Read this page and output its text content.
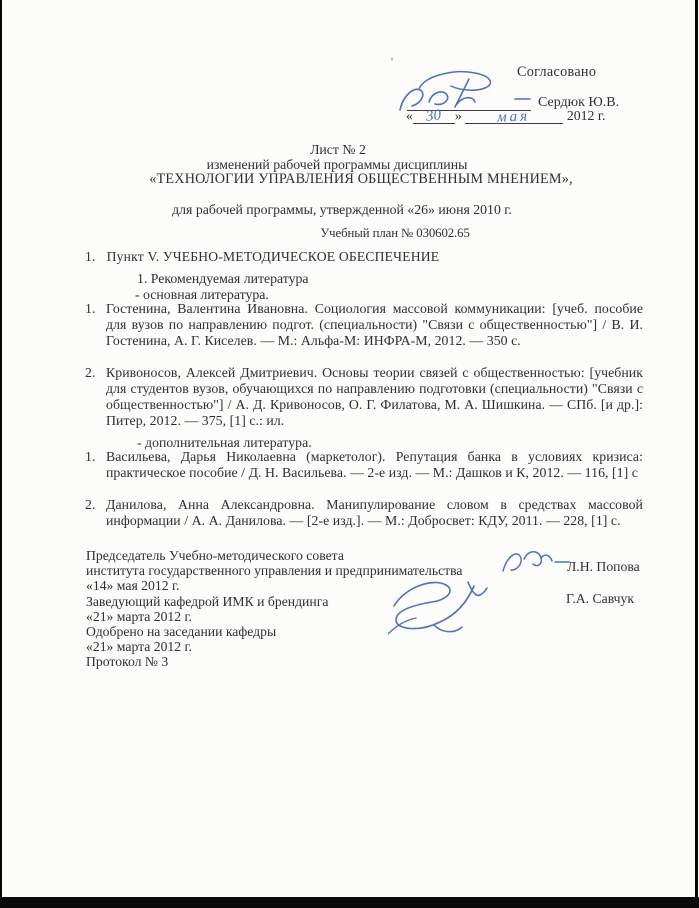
'
Согласовано
Сердюк Ю.В.
« 30 » мая	2012 г.
Лист № 2
изменений рабочей программы дисциплины
«ТЕХНОЛОГИИ УПРАВЛЕНИЯ ОБЩЕСТВЕННЫМ МНЕНИЕМ»,
для рабочей программы, утвержденной «26» июня 2010 г.
Учебный план № 030602.65
1. Пункт V. УЧЕБНО-МЕТОДИЧЕСКОЕ ОБЕСПЕЧЕНИЕ
1. Рекомендуемая литература
- основная литература.
1. Гостенина, Валентина Ивановна. Социология массовой коммуникации: [учеб. пособие для вузов по направлению подгот. (специальности) "Связи с общественностью"] / В. И. Гостенина, А. Г. Киселев. — М.: Альфа-М: ИНФРА-М, 2012. — 350 с.
2. Кривоносов, Алексей Дмитриевич. Основы теории связей с общественностью: [учебник для студентов вузов, обучающихся по направлению подготовки (специальности) "Связи с общественностью"] / А. Д. Кривоносов, О. Г. Филатова, М. А. Шишкина. — СПб. [и др.]: Питер, 2012. — 375, [1] с.: ил.
- дополнительная литература.
1. Васильева, Дарья Николаевна (маркетолог). Репутация банка в условиях кризиса: практическое пособие / Д. Н. Васильева. — 2-е изд. — М.: Дашков и К, 2012. — 116, [1] с
2. Данилова, Анна Александровна. Манипулирование словом в средствах массовой информации / А. А. Данилова. — [2-е изд.]. — М.: Добросвет: КДУ, 2011. — 228, [1] с.
Председатель Учебно-методического совета
института государственного управления и предпринимательства
«14» мая 2012 г.
Заведующий кафедрой ИМК и брендинга
«21» марта 2012 г.
Одобрено на заседании кафедры
«21» марта 2012 г.
Протокол № 3
Л.Н. Попова
Г.А. Савчук
